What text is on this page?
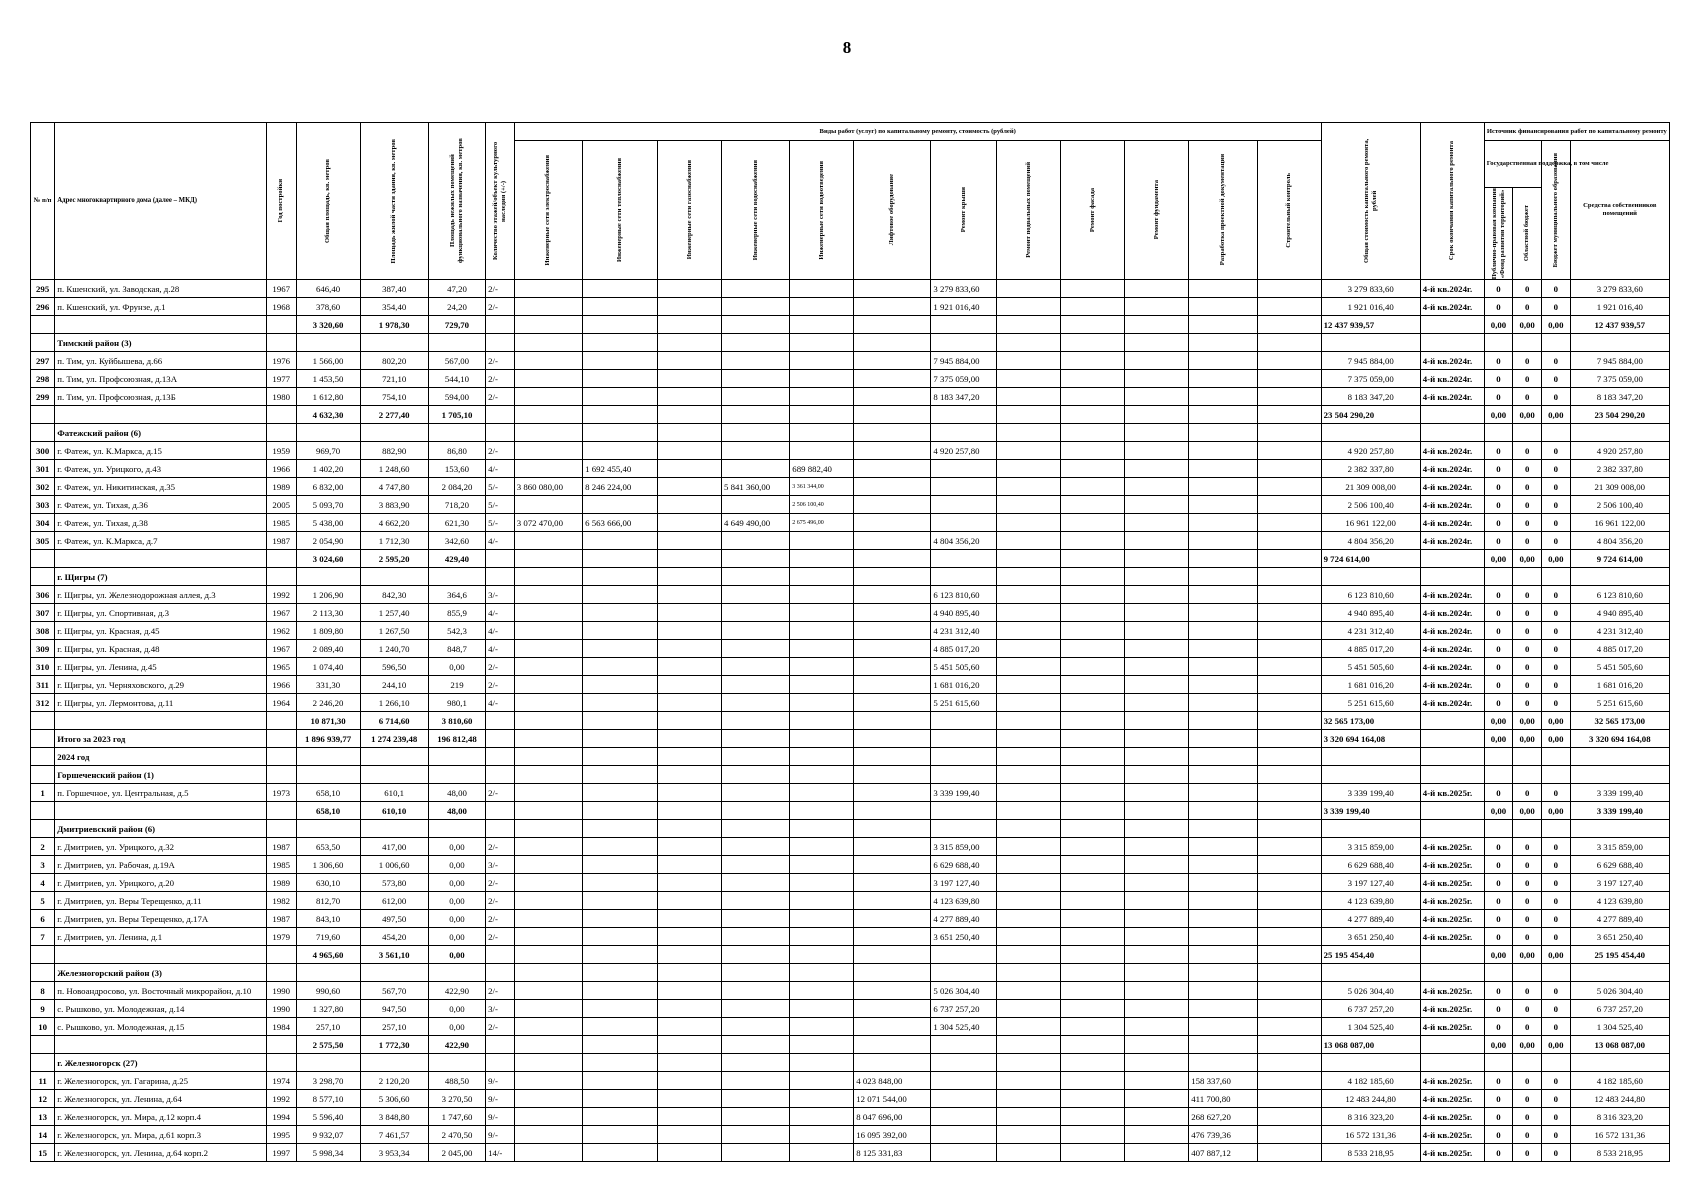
8
№ п/п	Адрес многоквартирного дома (далее – МКД)	Год постройки	Общая площадь, кв. метров	Площадь жилой части здания, кв. метров	Площадь нежилых помещений функционального назначения, кв. метров	Количество этажей/объект культурного наследия (+/-)	Виды работ (услуг) по капитальному ремонту, стоимость (рублей)												Общая стоимость капитального ремонта, рублей	Срок окончания капитального ремонта	Источник финансирования работ по капитальному ремонту			

							Инженерные сети электроснабжения	Инженерные сети теплоснабжения	Инженерные сети газоснабжения	Инженерные сети водоснабжения	Инженерные сети водоотведения	Лифтовое оборудование	Ремонт крыши	Ремонт подвальных помещений	Ремонт фасада	Ремонт фундамента	Разработка проектной документации	Строительный контроль			Государственная поддержка, в том числе		Бюджет муниципального образования	Средства собственников помещений

																					Публично-правовая компания «Фонд развития территорий»	Областной бюджет		

295	п. Кшенский, ул. Заводская, д.28	1967	646,40	387,40	47,20	2/-							3 279 833,60						3 279 833,60	4-й кв.2024г.	0	0	0	3 279 833,60
296	п. Кшенский, ул. Фрунзе, д.1	1968	378,60	354,40	24,20	2/-							1 921 016,40						1 921 016,40	4-й кв.2024г.	0	0	0	1 921 016,40
			3 320,60	1 978,30	729,70														12 437 939,57		0,00	0,00	0,00	12 437 939,57
	Тимский район (3)																							
297	п. Тим, ул. Куйбышева, д.66	1976	1 566,00	802,20	567,00	2/-							7 945 884,00						7 945 884,00	4-й кв.2024г.	0	0	0	7 945 884,00
298	п. Тим, ул. Профсоюзная, д.13А	1977	1 453,50	721,10	544,10	2/-							7 375 059,00						7 375 059,00	4-й кв.2024г.	0	0	0	7 375 059,00
299	п. Тим, ул. Профсоюзная, д.13Б	1980	1 612,80	754,10	594,00	2/-							8 183 347,20						8 183 347,20	4-й кв.2024г.	0	0	0	8 183 347,20
			4 632,30	2 277,40	1 705,10														23 504 290,20		0,00	0,00	0,00	23 504 290,20
	Фатежский район (6)																							
300	г. Фатеж, ул. К.Маркса, д.15	1959	969,70	882,90	86,80	2/-							4 920 257,80						4 920 257,80	4-й кв.2024г.	0	0	0	4 920 257,80
301	г. Фатеж, ул. Урицкого, д.43	1966	1 402,20	1 248,60	153,60	4/-		1 692 455,40			689 882,40								2 382 337,80	4-й кв.2024г.	0	0	0	2 382 337,80
302	г. Фатеж, ул. Никитинская, д.35	1989	6 832,00	4 747,80	2 084,20	5/-	3 860 080,00	8 246 224,00		5 841 360,00	3 361 344,00								21 309 008,00	4-й кв.2024г.	0	0	0	21 309 008,00
303	г. Фатеж, ул. Тихая, д.36	2005	5 093,70	3 883,90	718,20	5/-					2 506 100,40								2 506 100,40	4-й кв.2024г.	0	0	0	2 506 100,40
304	г. Фатеж, ул. Тихая, д.38	1985	5 438,00	4 662,20	621,30	5/-	3 072 470,00	6 563 666,00		4 649 490,00	2 675 496,00								16 961 122,00	4-й кв.2024г.	0	0	0	16 961 122,00
305	г. Фатеж, ул. К.Маркса, д.7	1987	2 054,90	1 712,30	342,60	4/-							4 804 356,20						4 804 356,20	4-й кв.2024г.	0	0	0	4 804 356,20
			3 024,60	2 595,20	429,40														9 724 614,00		0,00	0,00	0,00	9 724 614,00
	г. Щигры (7)																							
306	г. Щигры, ул. Железнодорожная аллея, д.3	1992	1 206,90	842,30	364,6	3/-							6 123 810,60						6 123 810,60	4-й кв.2024г.	0	0	0	6 123 810,60
307	г. Щигры, ул. Спортивная, д.3	1967	2 113,30	1 257,40	855,9	4/-							4 940 895,40						4 940 895,40	4-й кв.2024г.	0	0	0	4 940 895,40
308	г. Щигры, ул. Красная, д.45	1962	1 809,80	1 267,50	542,3	4/-							4 231 312,40						4 231 312,40	4-й кв.2024г.	0	0	0	4 231 312,40
309	г. Щигры, ул. Красная, д.48	1967	2 089,40	1 240,70	848,7	4/-							4 885 017,20						4 885 017,20	4-й кв.2024г.	0	0	0	4 885 017,20
310	г. Щигры, ул. Ленина, д.45	1965	1 074,40	596,50	0,00	2/-							5 451 505,60						5 451 505,60	4-й кв.2024г.	0	0	0	5 451 505,60
311	г. Щигры, ул. Черняховского, д.29	1966	331,30	244,10	219	2/-							1 681 016,20						1 681 016,20	4-й кв.2024г.	0	0	0	1 681 016,20
312	г. Щигры, ул. Лермонтова, д.11	1964	2 246,20	1 266,10	980,1	4/-							5 251 615,60						5 251 615,60	4-й кв.2024г.	0	0	0	5 251 615,60
			10 871,30	6 714,60	3 810,60														32 565 173,00		0,00	0,00	0,00	32 565 173,00
	Итого за 2023 год		1 896 939,77	1 274 239,48	196 812,48														3 320 694 164,08		0,00	0,00	0,00	3 320 694 164,08
	2024 год																							
	Горшеченский район (1)																							
1	п. Горшечное, ул. Центральная, д.5	1973	658,10	610,1	48,00	2/-							3 339 199,40						3 339 199,40	4-й кв.2025г.	0	0	0	3 339 199,40
			658,10	610,10	48,00														3 339 199,40		0,00	0,00	0,00	3 339 199,40
	Дмитриевский район (6)																							
2	г. Дмитриев, ул. Урицкого, д.32	1987	653,50	417,00	0,00	2/-							3 315 859,00						3 315 859,00	4-й кв.2025г.	0	0	0	3 315 859,00
3	г. Дмитриев, ул. Рабочая, д.19А	1985	1 306,60	1 006,60	0,00	3/-							6 629 688,40						6 629 688,40	4-й кв.2025г.	0	0	0	6 629 688,40
4	г. Дмитриев, ул. Урицкого, д.20	1989	630,10	573,80	0,00	2/-							3 197 127,40						3 197 127,40	4-й кв.2025г.	0	0	0	3 197 127,40
5	г. Дмитриев, ул. Веры Терещенко, д.11	1982	812,70	612,00	0,00	2/-							4 123 639,80						4 123 639,80	4-й кв.2025г.	0	0	0	4 123 639,80
6	г. Дмитриев, ул. Веры Терещенко, д.17А	1987	843,10	497,50	0,00	2/-							4 277 889,40						4 277 889,40	4-й кв.2025г.	0	0	0	4 277 889,40
7	г. Дмитриев, ул. Ленина, д.1	1979	719,60	454,20	0,00	2/-							3 651 250,40						3 651 250,40	4-й кв.2025г.	0	0	0	3 651 250,40
			4 965,60	3 561,10	0,00														25 195 454,40		0,00	0,00	0,00	25 195 454,40
	Железногорский район (3)																							
8	п. Новоандросово, ул. Восточный микрорайон, д.10	1990	990,60	567,70	422,90	2/-							5 026 304,40						5 026 304,40	4-й кв.2025г.	0	0	0	5 026 304,40
9	с. Рышково, ул. Молодежная, д.14	1990	1 327,80	947,50	0,00	3/-							6 737 257,20						6 737 257,20	4-й кв.2025г.	0	0	0	6 737 257,20
10	с. Рышково, ул. Молодежная, д.15	1984	257,10	257,10	0,00	2/-							1 304 525,40						1 304 525,40	4-й кв.2025г.	0	0	0	1 304 525,40
			2 575,50	1 772,30	422,90														13 068 087,00		0,00	0,00	0,00	13 068 087,00
	г. Железногорск (27)																							
11	г. Железногорск, ул. Гагарина, д.25	1974	3 298,70	2 120,20	488,50	9/-						4 023 848,00					158 337,60		4 182 185,60	4-й кв.2025г.	0	0	0	4 182 185,60
12	г. Железногорск, ул. Ленина, д.64	1992	8 577,10	5 306,60	3 270,50	9/-						12 071 544,00					411 700,80		12 483 244,80	4-й кв.2025г.	0	0	0	12 483 244,80
13	г. Железногорск, ул. Мира, д.12 корп.4	1994	5 596,40	3 848,80	1 747,60	9/-						8 047 696,00					268 627,20		8 316 323,20	4-й кв.2025г.	0	0	0	8 316 323,20
14	г. Железногорск, ул. Мира, д.61 корп.3	1995	9 932,07	7 461,57	2 470,50	9/-						16 095 392,00					476 739,36		16 572 131,36	4-й кв.2025г.	0	0	0	16 572 131,36
15	г. Железногорск, ул. Ленина, д.64 корп.2	1997	5 998,34	3 953,34	2 045,00	14/-						8 125 331,83					407 887,12		8 533 218,95	4-й кв.2025г.	0	0	0	8 533 218,95
